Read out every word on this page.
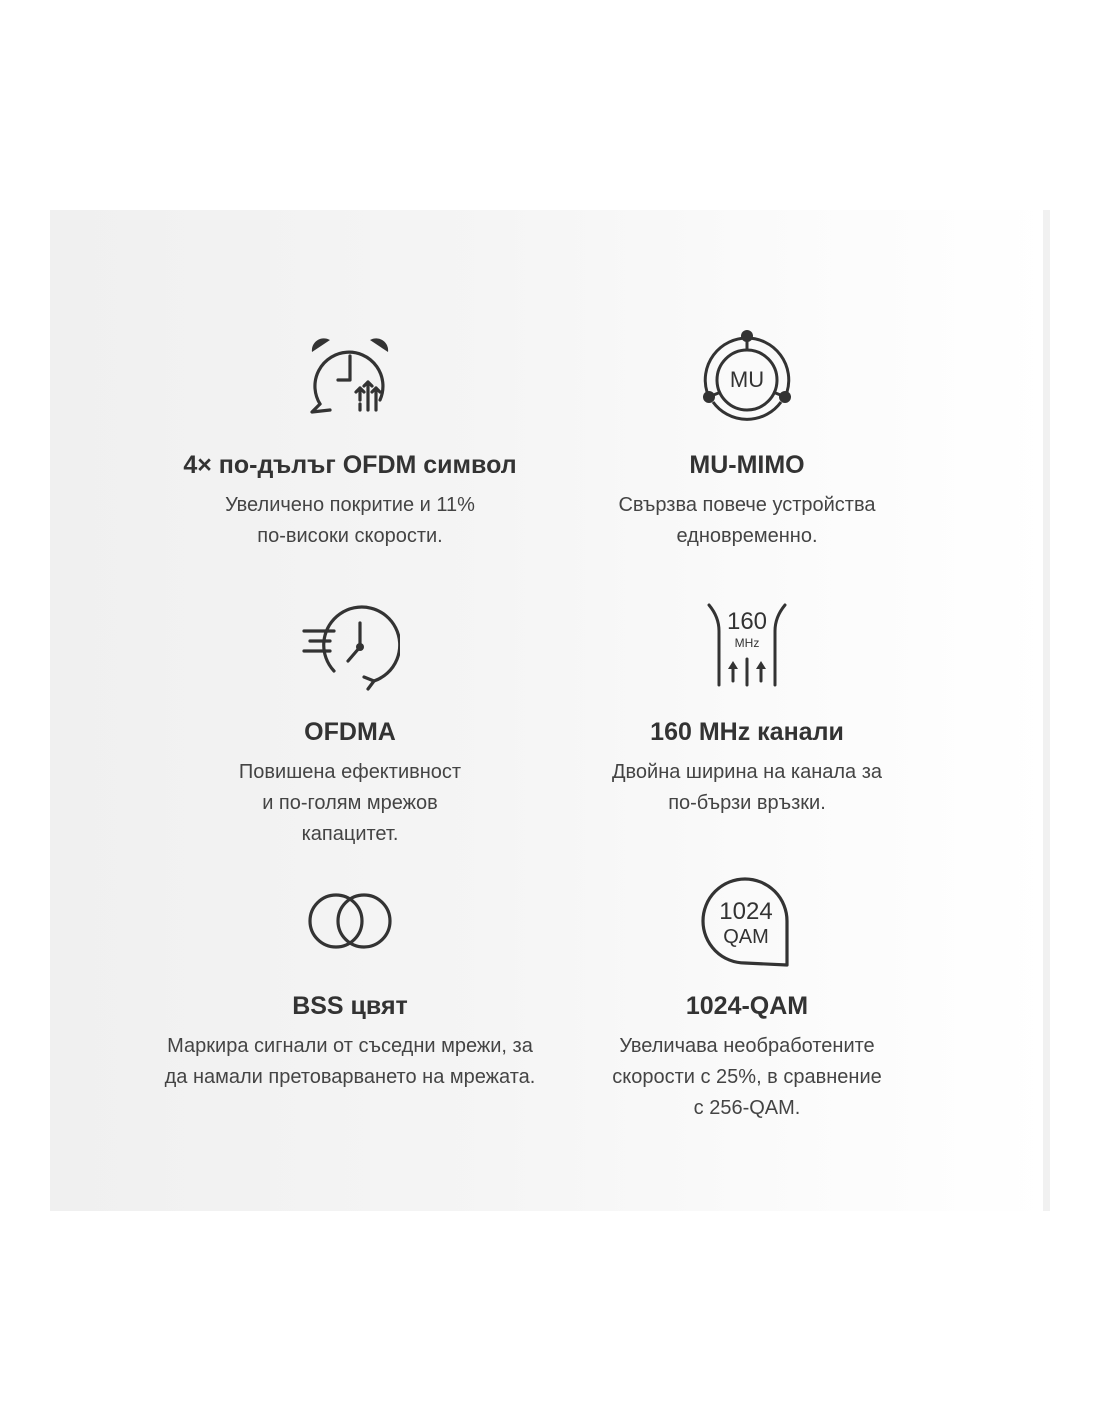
4× по-дълъг OFDM символ
Увеличено покритие и 11%
по-високи скорости.
MU
MU-MIMO
Свързва повече устройства
едновременно.
OFDMA
Повишена ефективност
и по-голям мрежов
капацитет.
160
MHz
160 MHz канали
Двойна ширина на канала за
по-бързи връзки.
BSS цвят
Маркира сигнали от съседни мрежи, за
да намали претоварването на мрежата.
1024
QAM
1024-QAM
Увеличава необработените
скорости с 25%, в сравнение
с 256-QAM.
